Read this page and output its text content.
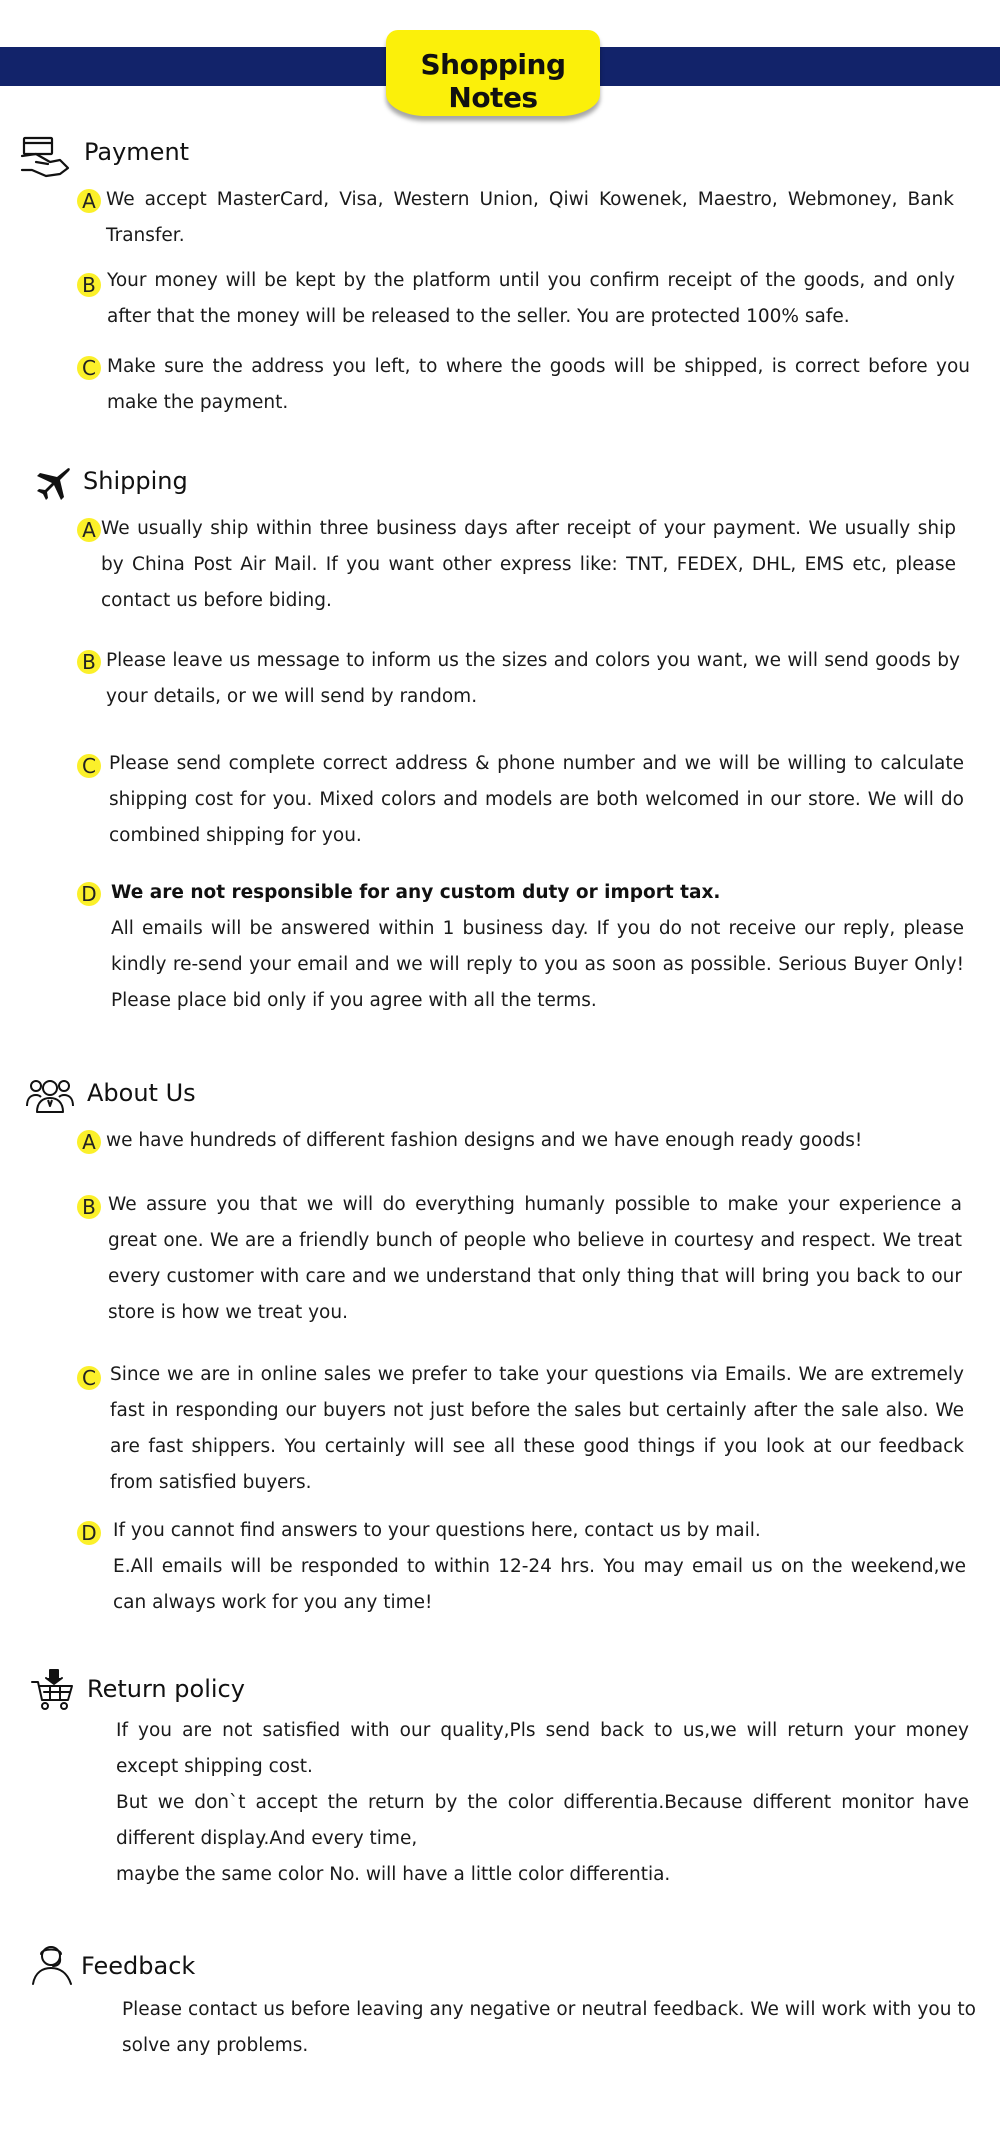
Shopping Notes
Payment
A We accept MasterCard, Visa, Western Union, Qiwi Kowenek, Maestro, Webmoney, Bank Transfer.
B Your money will be kept by the platform until you confirm receipt of the goods, and only after that the money will be released to the seller. You are protected 100% safe.
C Make sure the address you left, to where the goods will be shipped, is correct before you make the payment.
Shipping
A We usually ship within three business days after receipt of your payment. We usually ship by China Post Air Mail. If you want other express like: TNT, FEDEX, DHL, EMS etc, please contact us before biding.
B Please leave us message to inform us the sizes and colors you want, we will send goods by your details, or we will send by random.
C Please send complete correct address & phone number and we will be willing to calculate shipping cost for you. Mixed colors and models are both welcomed in our store. We will do combined shipping for you.
D We are not responsible for any custom duty or import tax.
All emails will be answered within 1 business day. If you do not receive our reply, please kindly re-send your email and we will reply to you as soon as possible. Serious Buyer Only! Please place bid only if you agree with all the terms.
About Us
A we have hundreds of different fashion designs and we have enough ready goods!
B We assure you that we will do everything humanly possible to make your experience a great one. We are a friendly bunch of people who believe in courtesy and respect. We treat every customer with care and we understand that only thing that will bring you back to our store is how we treat you.
C Since we are in online sales we prefer to take your questions via Emails. We are extremely fast in responding our buyers not just before the sales but certainly after the sale also. We are fast shippers. You certainly will see all these good things if you look at our feedback from satisfied buyers.
D If you cannot find answers to your questions here, contact us by mail.
E.All emails will be responded to within 12-24 hrs. You may email us on the weekend,we can always work for you any time!
Return policy
If you are not satisfied with our quality,Pls send back to us,we will return your money except shipping cost.
But we don`t accept the return by the color differentia.Because different monitor have different display.And every time,
maybe the same color No. will have a little color differentia.
Feedback
Please contact us before leaving any negative or neutral feedback. We will work with you to solve any problems.
